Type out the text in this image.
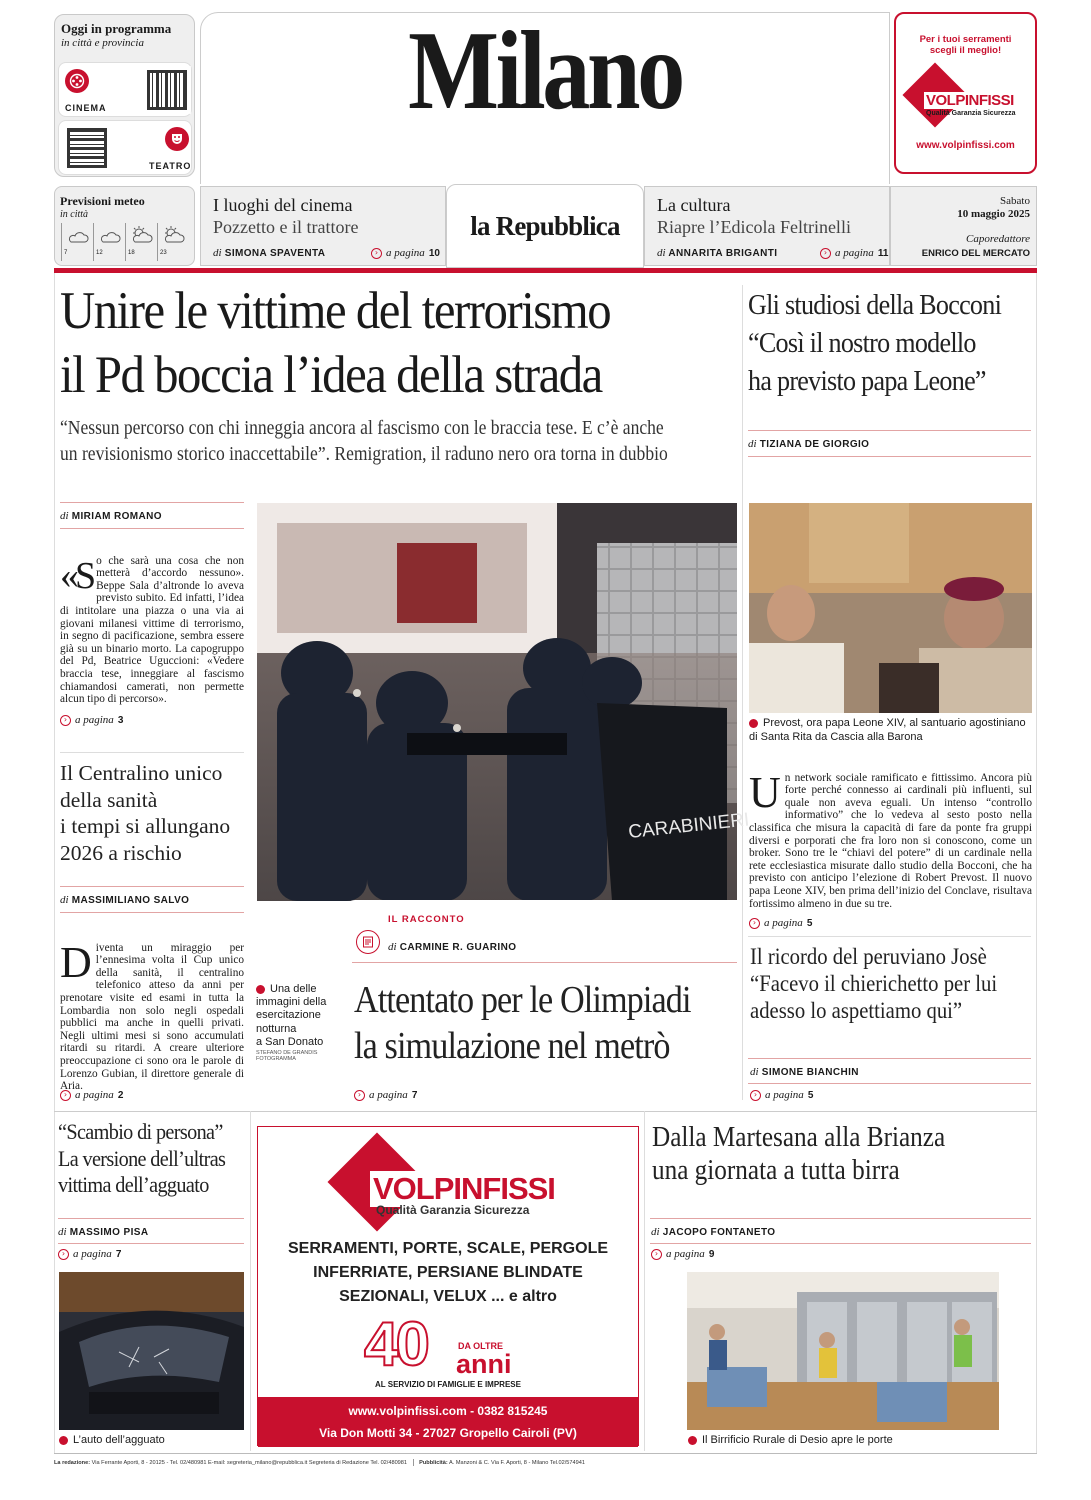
Oggi in programma
in città e provincia
CINEMA
TEATRO
Milano	Per i tuoi serramenti
scegli il meglio!
VOLPINFISSI
Qualità Garanzia Sicurezza
www.volpinfissi.com
Previsioni meteo
in città
7	12	18	23
I luoghi del cinema
Pozzetto e il trattore
di SIMONA SPAVENTA	› a pagina 10
la Repubblica
La cultura
Riapre l’Edicola Feltrinelli
di ANNARITA BRIGANTI	› a pagina 11
Sabato
10 maggio 2025
Caporedattore
ENRICO DEL MERCATO
Unire le vittime del terrorismo
il Pd boccia l’idea della strada
“Nessun percorso con chi inneggia ancora al fascismo con le braccia tese. E c’è anche
un revisionismo storico inaccettabile”. Remigration, il raduno nero ora torna in dubbio
di MIRIAM ROMANO

«So che sarà una cosa che non metterà d’accordo nessuno». Beppe Sala d’altronde lo aveva previsto subito. Ed infatti, l’idea di intitolare una piazza o una via ai giovani milanesi vittime di terrorismo, in segno di pacificazione, sembra essere già su un binario morto. La capogruppo del Pd, Beatrice Uguccioni: «Vedere braccia tese, inneggiare al fascismo chiamandosi camerati, non permette alcun tipo di percorso».

› a pagina 3
Il Centralino unico
della sanità
i tempi si allungano
2026 a rischio
di MASSIMILIANO SALVO

Diventa un miraggio per l’ennesima volta il Cup unico della sanità, il centralino telefonico atteso da anni per prenotare visite ed esami in tutta la Lombardia non solo negli ospedali pubblici ma anche in quelli privati. Negli ultimi mesi si sono accumulati ritardi su ritardi. A creare ulteriore preoccupazione ci sono ora le parole di Lorenzo Gubian, il direttore generale di Aria.

› a pagina 2
CARABINIERI
IL RACCONTO
di CARMINE R. GUARINO
Una delle
immagini della
esercitazione
notturna
a San Donato
STEFANO DE GRANDIS
FOTOGRAMMA
Attentato per le Olimpiadi
la simulazione nel metrò
› a pagina 7
Gli studiosi della Bocconi
“Così il nostro modello
ha previsto papa Leone”
di TIZIANA DE GIORGIO
Prevost, ora papa Leone XIV, al santuario agostiniano di Santa Rita da Cascia alla Barona

Un network sociale ramificato e fittissimo. Ancora più forte perché connesso ai cardinali più influenti, sul quale non aveva eguali. Un intenso “controllo informativo” che lo vedeva al sesto posto nella classifica che misura la capacità di fare da ponte fra gruppi diversi e porporati che fra loro non si conoscono, come un broker. Sono tre le “chiavi del potere” di un cardinale nella rete ecclesiastica misurate dallo studio della Bocconi, che ha previsto con anticipo l’elezione di Robert Prevost. Il nuovo papa Leone XIV, ben prima dell’inizio del Conclave, risultava fortissimo almeno in due su tre.

› a pagina 5
Il ricordo del peruviano Josè
“Facevo il chierichetto per lui
adesso lo aspettiamo qui”
di SIMONE BIANCHIN
› a pagina 5
“Scambio di persona”
La versione dell’ultras
vittima dell’agguato
di MASSIMO PISA
› a pagina 7
L’auto dell’agguato
VOLPINFISSI
Qualità Garanzia Sicurezza
SERRAMENTI, PORTE, SCALE, PERGOLE
INFERRIATE, PERSIANE BLINDATE
SEZIONALI, VELUX ... e altro
40	DA OLTRE
anni
AL SERVIZIO DI FAMIGLIE E IMPRESE
www.volpinfissi.com - 0382 815245
Via Don Motti 34 - 27027 Gropello Cairoli (PV)
Dalla Martesana alla Brianza
una giornata a tutta birra
di JACOPO FONTANETO
› a pagina 9
Il Birrificio Rurale di Desio apre le porte
La redazione: Via Ferrante Aporti, 8 - 20125 - Tel. 02/480981 E-mail: segreteria_milano@repubblica.it Segreteria di Redazione Tel. 02/480981 Pubblicità: A. Manzoni & C. Via F. Aporti, 8 - Milano Tel.02/574941
